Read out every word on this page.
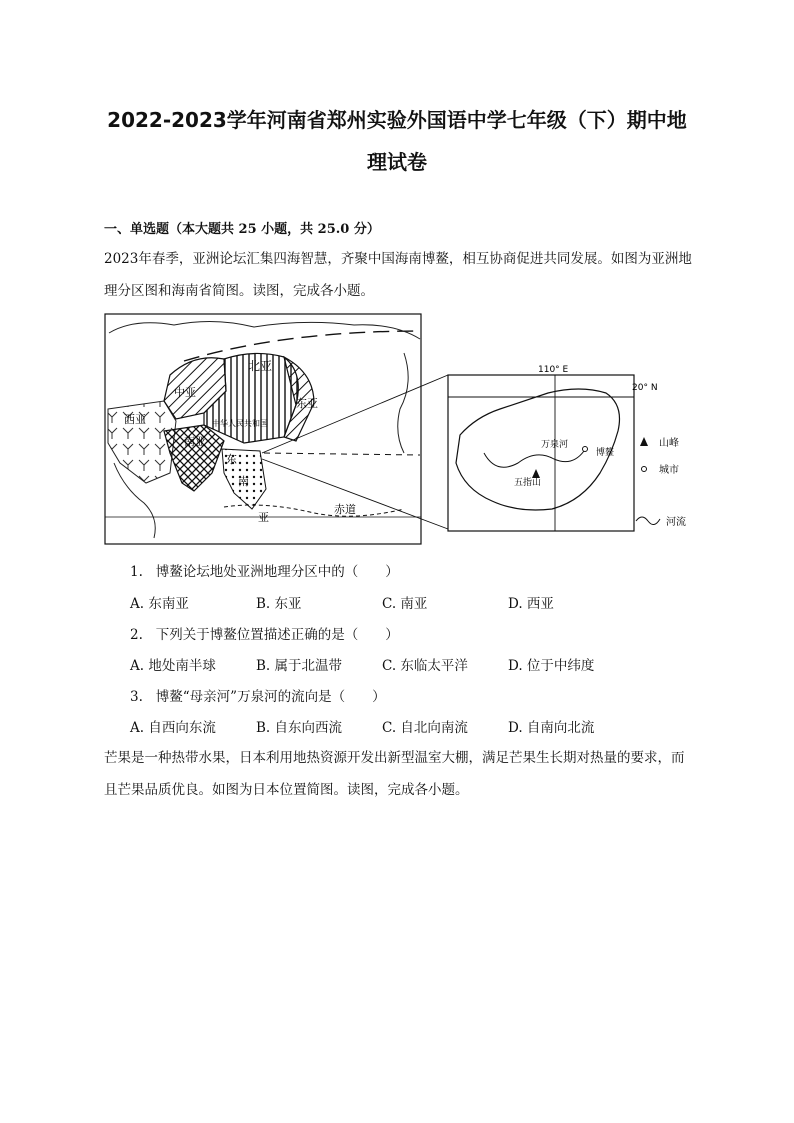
2022-2023学年河南省郑州实验外国语中学七年级（下）期中地
理试卷
一、单选题（本大题共 25 小题，共 25.0 分）
2023年春季，亚洲论坛汇集四海智慧，齐聚中国海南博鳌，相互协商促进共同发展。如图为亚洲地理分区图和海南省简图。读图，完成各小题。
北亚
中亚
西亚
东亚
南亚
中华人民共和国
东
南
亚
赤道
110° E
20° N
万泉河
博鳌
五指山
山峰
城市
河流
1. 博鳌论坛地处亚洲地理分区中的（　　）
A. 东南亚	B. 东亚	C. 南亚	D. 西亚
2. 下列关于博鳌位置描述正确的是（　　）
A. 地处南半球	B. 属于北温带	C. 东临太平洋	D. 位于中纬度
3. 博鳌“母亲河”万泉河的流向是（　　）
A. 自西向东流	B. 自东向西流	C. 自北向南流	D. 自南向北流
芒果是一种热带水果，日本利用地热资源开发出新型温室大棚，满足芒果生长期对热量的要求，而且芒果品质优良。如图为日本位置简图。读图，完成各小题。
